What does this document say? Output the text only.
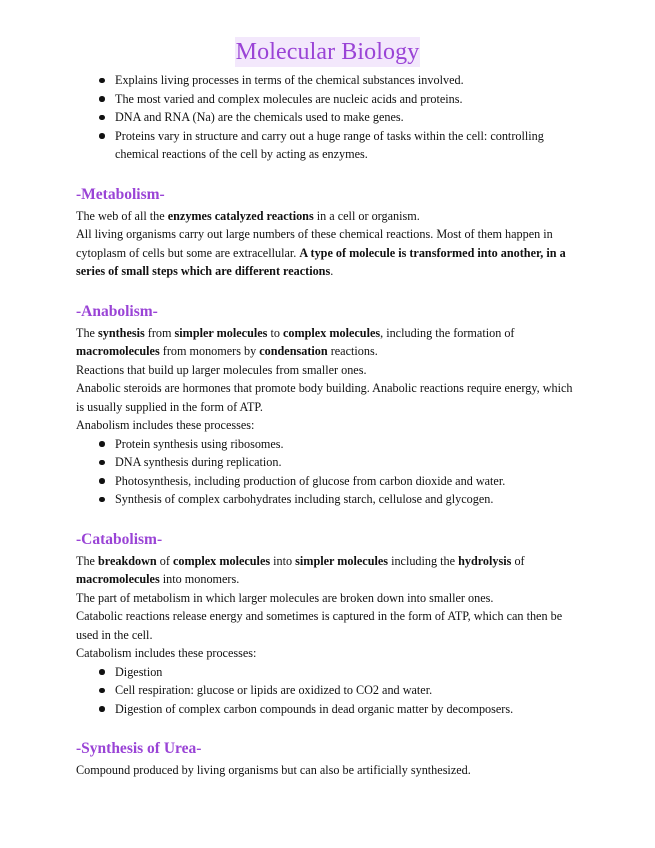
Molecular Biology
Explains living processes in terms of the chemical substances involved.
The most varied and complex molecules are nucleic acids and proteins.
DNA and RNA (Na) are the chemicals used to make genes.
Proteins vary in structure and carry out a huge range of tasks within the cell: controlling chemical reactions of the cell by acting as enzymes.
-Metabolism-

The web of all the enzymes catalyzed reactions in a cell or organism.

All living organisms carry out large numbers of these chemical reactions. Most of them happen in cytoplasm of cells but some are extracellular. A type of molecule is transformed into another, in a series of small steps which are different reactions.

-Anabolism-

The synthesis from simpler molecules to complex molecules, including the formation of macromolecules from monomers by condensation reactions.

Reactions that build up larger molecules from smaller ones.

Anabolic steroids are hormones that promote body building. Anabolic reactions require energy, which is usually supplied in the form of ATP.

Anabolism includes these processes:

Protein synthesis using ribosomes.
DNA synthesis during replication.
Photosynthesis, including production of glucose from carbon dioxide and water.
Synthesis of complex carbohydrates including starch, cellulose and glycogen.
-Catabolism-

The breakdown of complex molecules into simpler molecules including the hydrolysis of macromolecules into monomers.

The part of metabolism in which larger molecules are broken down into smaller ones.

Catabolic reactions release energy and sometimes is captured in the form of ATP, which can then be used in the cell.

Catabolism includes these processes:

Digestion
Cell respiration: glucose or lipids are oxidized to CO2 and water.
Digestion of complex carbon compounds in dead organic matter by decomposers.
-Synthesis of Urea-

Compound produced by living organisms but can also be artificially synthesized.
